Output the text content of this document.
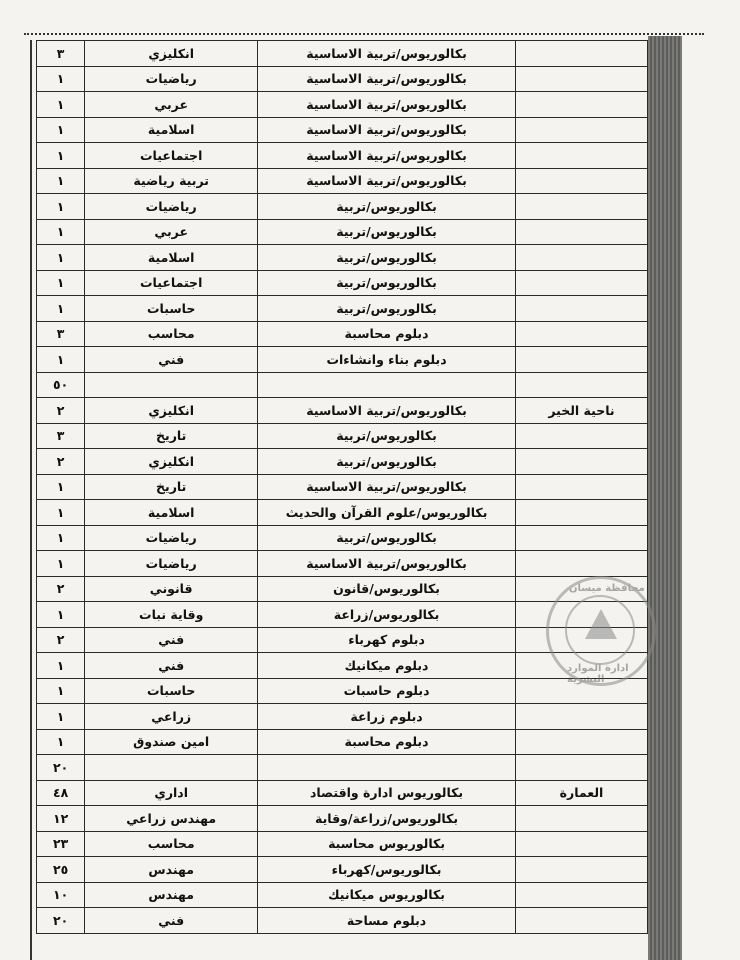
	بكالوريوس/تربية الاساسية	انكليزي	٣
	بكالوريوس/تربية الاساسية	رياضيات	١
	بكالوريوس/تربية الاساسية	عربي	١
	بكالوريوس/تربية الاساسية	اسلامية	١
	بكالوريوس/تربية الاساسية	اجتماعيات	١
	بكالوريوس/تربية الاساسية	تربية رياضية	١
	بكالوريوس/تربية	رياضيات	١
	بكالوريوس/تربية	عربي	١
	بكالوريوس/تربية	اسلامية	١
	بكالوريوس/تربية	اجتماعيات	١
	بكالوريوس/تربية	حاسبات	١
	دبلوم محاسبة	محاسب	٣
	دبلوم بناء وانشاءات	فني	١
			٥٠
ناحية الخير	بكالوريوس/تربية الاساسية	انكليزي	٢
	بكالوريوس/تربية	تاريخ	٣
	بكالوريوس/تربية	انكليزي	٢
	بكالوريوس/تربية الاساسية	تاريخ	١
	بكالوريوس/علوم القرآن والحديث	اسلامية	١
	بكالوريوس/تربية	رياضيات	١
	بكالوريوس/تربية الاساسية	رياضيات	١
	بكالوريوس/قانون	قانوني	٢
	بكالوريوس/زراعة	وقاية نبات	١
	دبلوم كهرباء	فني	٢
	دبلوم ميكانيك	فني	١
	دبلوم حاسبات	حاسبات	١
	دبلوم زراعة	زراعي	١
	دبلوم محاسبة	امين صندوق	١
			٢٠
العمارة	بكالوريوس ادارة واقتصاد	اداري	٤٨
	بكالوريوس/زراعة/وقاية	مهندس زراعي	١٢
	بكالوريوس محاسبة	محاسب	٢٣
	بكالوريوس/كهرباء	مهندس	٢٥
	بكالوريوس ميكانيك	مهندس	١٠
	دبلوم مساحة	فني	٢٠
محافظة ميسان
ادارة الموارد البشرية
